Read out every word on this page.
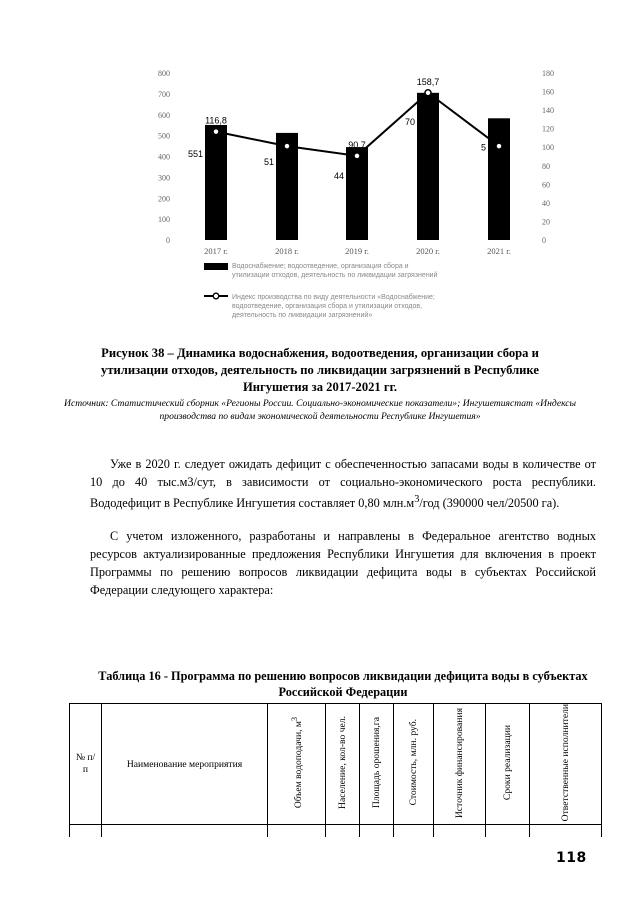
0
100
200
300
400
500
600
700
800
0
20
40
60
80
100
120
140
160
180
551
51
44
70
5
116,8
90,7
158,7
101,2
2017 г.	2018 г.	2019 г.	2020 г.	2021 г.
Водоснабжение; водоотведение, организация сбора и утилизации отходов, деятельность по ликвидации загрязнений
Индекс производства по виду деятельности «Водоснабжение; водоотведение, организация сбора и утилизации отходов, деятельность по ликвидации загрязнений»
Рисунок 38 – Динамика водоснабжения, водоотведения, организации сбора и утилизации отходов, деятельность по ликвидации загрязнений в Республике Ингушетия за 2017-2021 гг.
Источник: Статистический сборник «Регионы России. Социально-экономические показатели»; Ингушетиястат «Индексы производства по видам экономической деятельности Республике Ингушетия»

Уже в 2020 г. следует ожидать дефицит с обеспеченностью запасами воды в количестве от 10 до 40 тыс.м3/сут, в зависимости от социально-экономического роста республики. Вододефицит в Республике Ингушетия составляет 0,80 $млн.м^3$/год (390000 чел/20500 га).

С учетом изложенного, разработаны и направлены в Федеральное агентство водных ресурсов актуализированные предложения Республики Ингушетия для включения в проект Программы по решению вопросов ликвидации дефицита воды в субъектах Российской Федерации следующего характера:

Таблица 16 - Программа по решению вопросов ликвидации дефицита воды в субъектах Российской Федерации
№ п/п	Наименование мероприятия	Объем водоподачи, $м^3$	Население, кол-во чел.	Площадь орошения,га	Стоимость, млн. руб.	Источник финансирования	Сроки реализации	Ответственные исполнители

118
